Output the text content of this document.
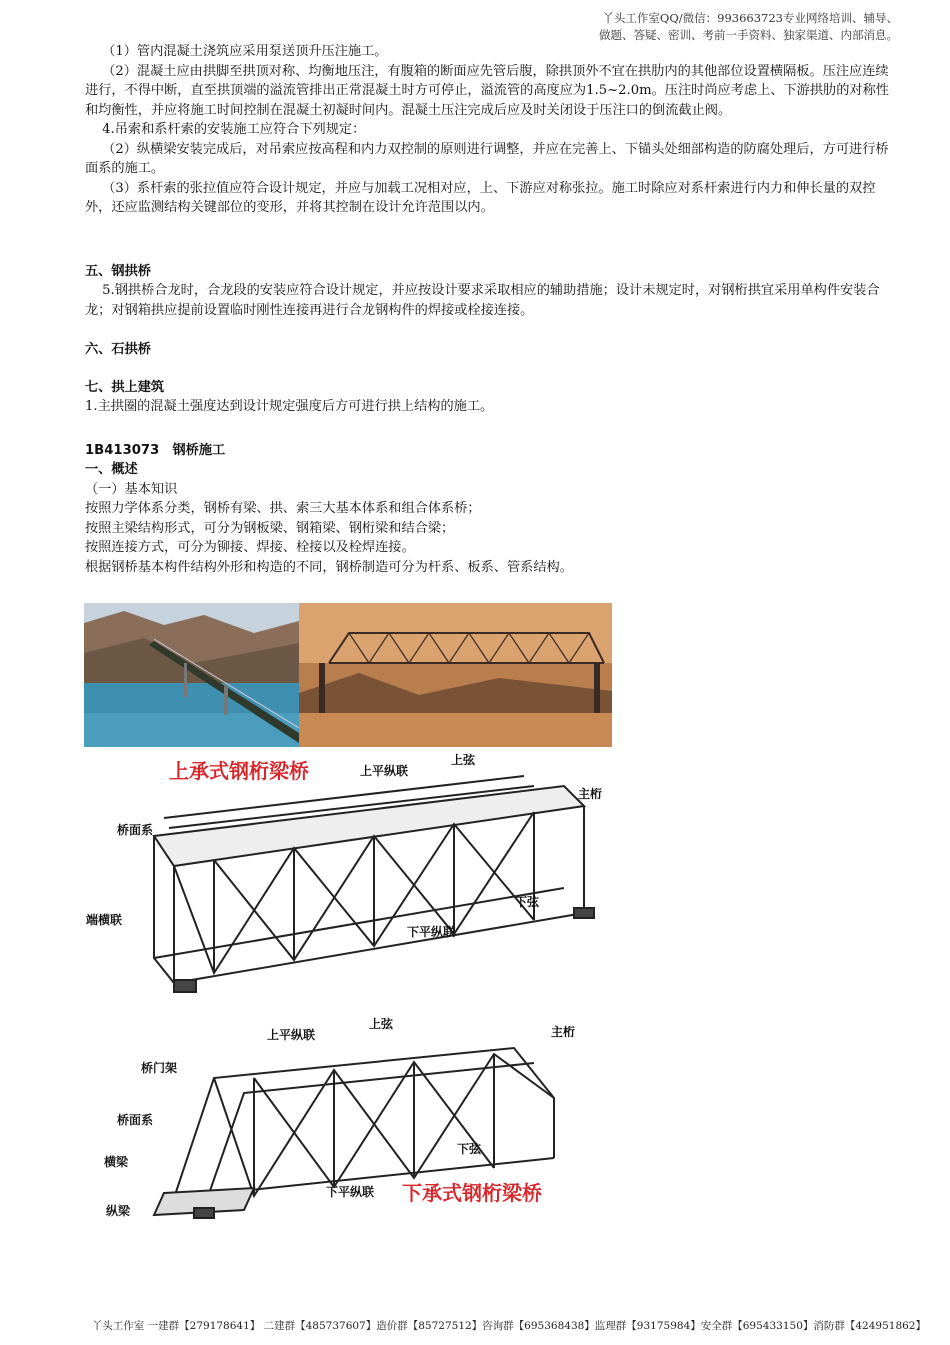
丫头工作室QQ/微信：993663723专业网络培训、辅导、
做题、答疑、密训、考前一手资料、独家渠道、内部消息。

（1）管内混凝土浇筑应采用泵送顶升压注施工。

（2）混凝土应由拱脚至拱顶对称、均衡地压注，有腹箱的断面应先管后腹，除拱顶外不宜在拱肋内的其他部位设置横隔板。压注应连续进行，不得中断，直至拱顶端的溢流管排出正常混凝土时方可停止，溢流管的高度应为1.5~2.0m。压注时尚应考虑上、下游拱肋的对称性和均衡性，并应将施工时间控制在混凝土初凝时间内。混凝土压注完成后应及时关闭设于压注口的倒流截止阀。

4.吊索和系杆索的安装施工应符合下列规定：

（2）纵横梁安装完成后，对吊索应按高程和内力双控制的原则进行调整，并应在完善上、下锚头处细部构造的防腐处理后，方可进行桥面系的施工。

（3）系杆索的张拉值应符合设计规定，并应与加载工况相对应，上、下游应对称张拉。施工时除应对系杆索进行内力和伸长量的双控外，还应监测结构关键部位的变形，并将其控制在设计允许范围以内。

五、钢拱桥

5.钢拱桥合龙时，合龙段的安装应符合设计规定，并应按设计要求采取相应的辅助措施；设计未规定时，对钢桁拱宜采用单构件安装合龙；对钢箱拱应提前设置临时刚性连接再进行合龙钢构件的焊接或栓接连接。

六、石拱桥

七、拱上建筑

1.主拱圈的混凝土强度达到设计规定强度后方可进行拱上结构的施工。

1B413073　钢桥施工

一、概述

（一）基本知识

按照力学体系分类，钢桥有梁、拱、索三大基本体系和组合体系桥；

按照主梁结构形式，可分为钢板梁、钢箱梁、钢桁梁和结合梁；

按照连接方式，可分为铆接、焊接、栓接以及栓焊连接。

根据钢桥基本构件结构外形和构造的不同，钢桥制造可分为杆系、板系、管系结构。

上承式钢桁梁桥	上平纵联
上弦
主桁
桥面系
下弦
端横联
下平纵联
上平纵联
上弦
主桁
桥门架
桥面系
下弦
横梁
下平纵联
纵梁
下承式钢桁梁桥
丫头工作室 一建群【279178641】 二建群【485737607】造价群【85727512】咨询群【695368438】监理群【93175984】安全群【695433150】消防群【424951862】
